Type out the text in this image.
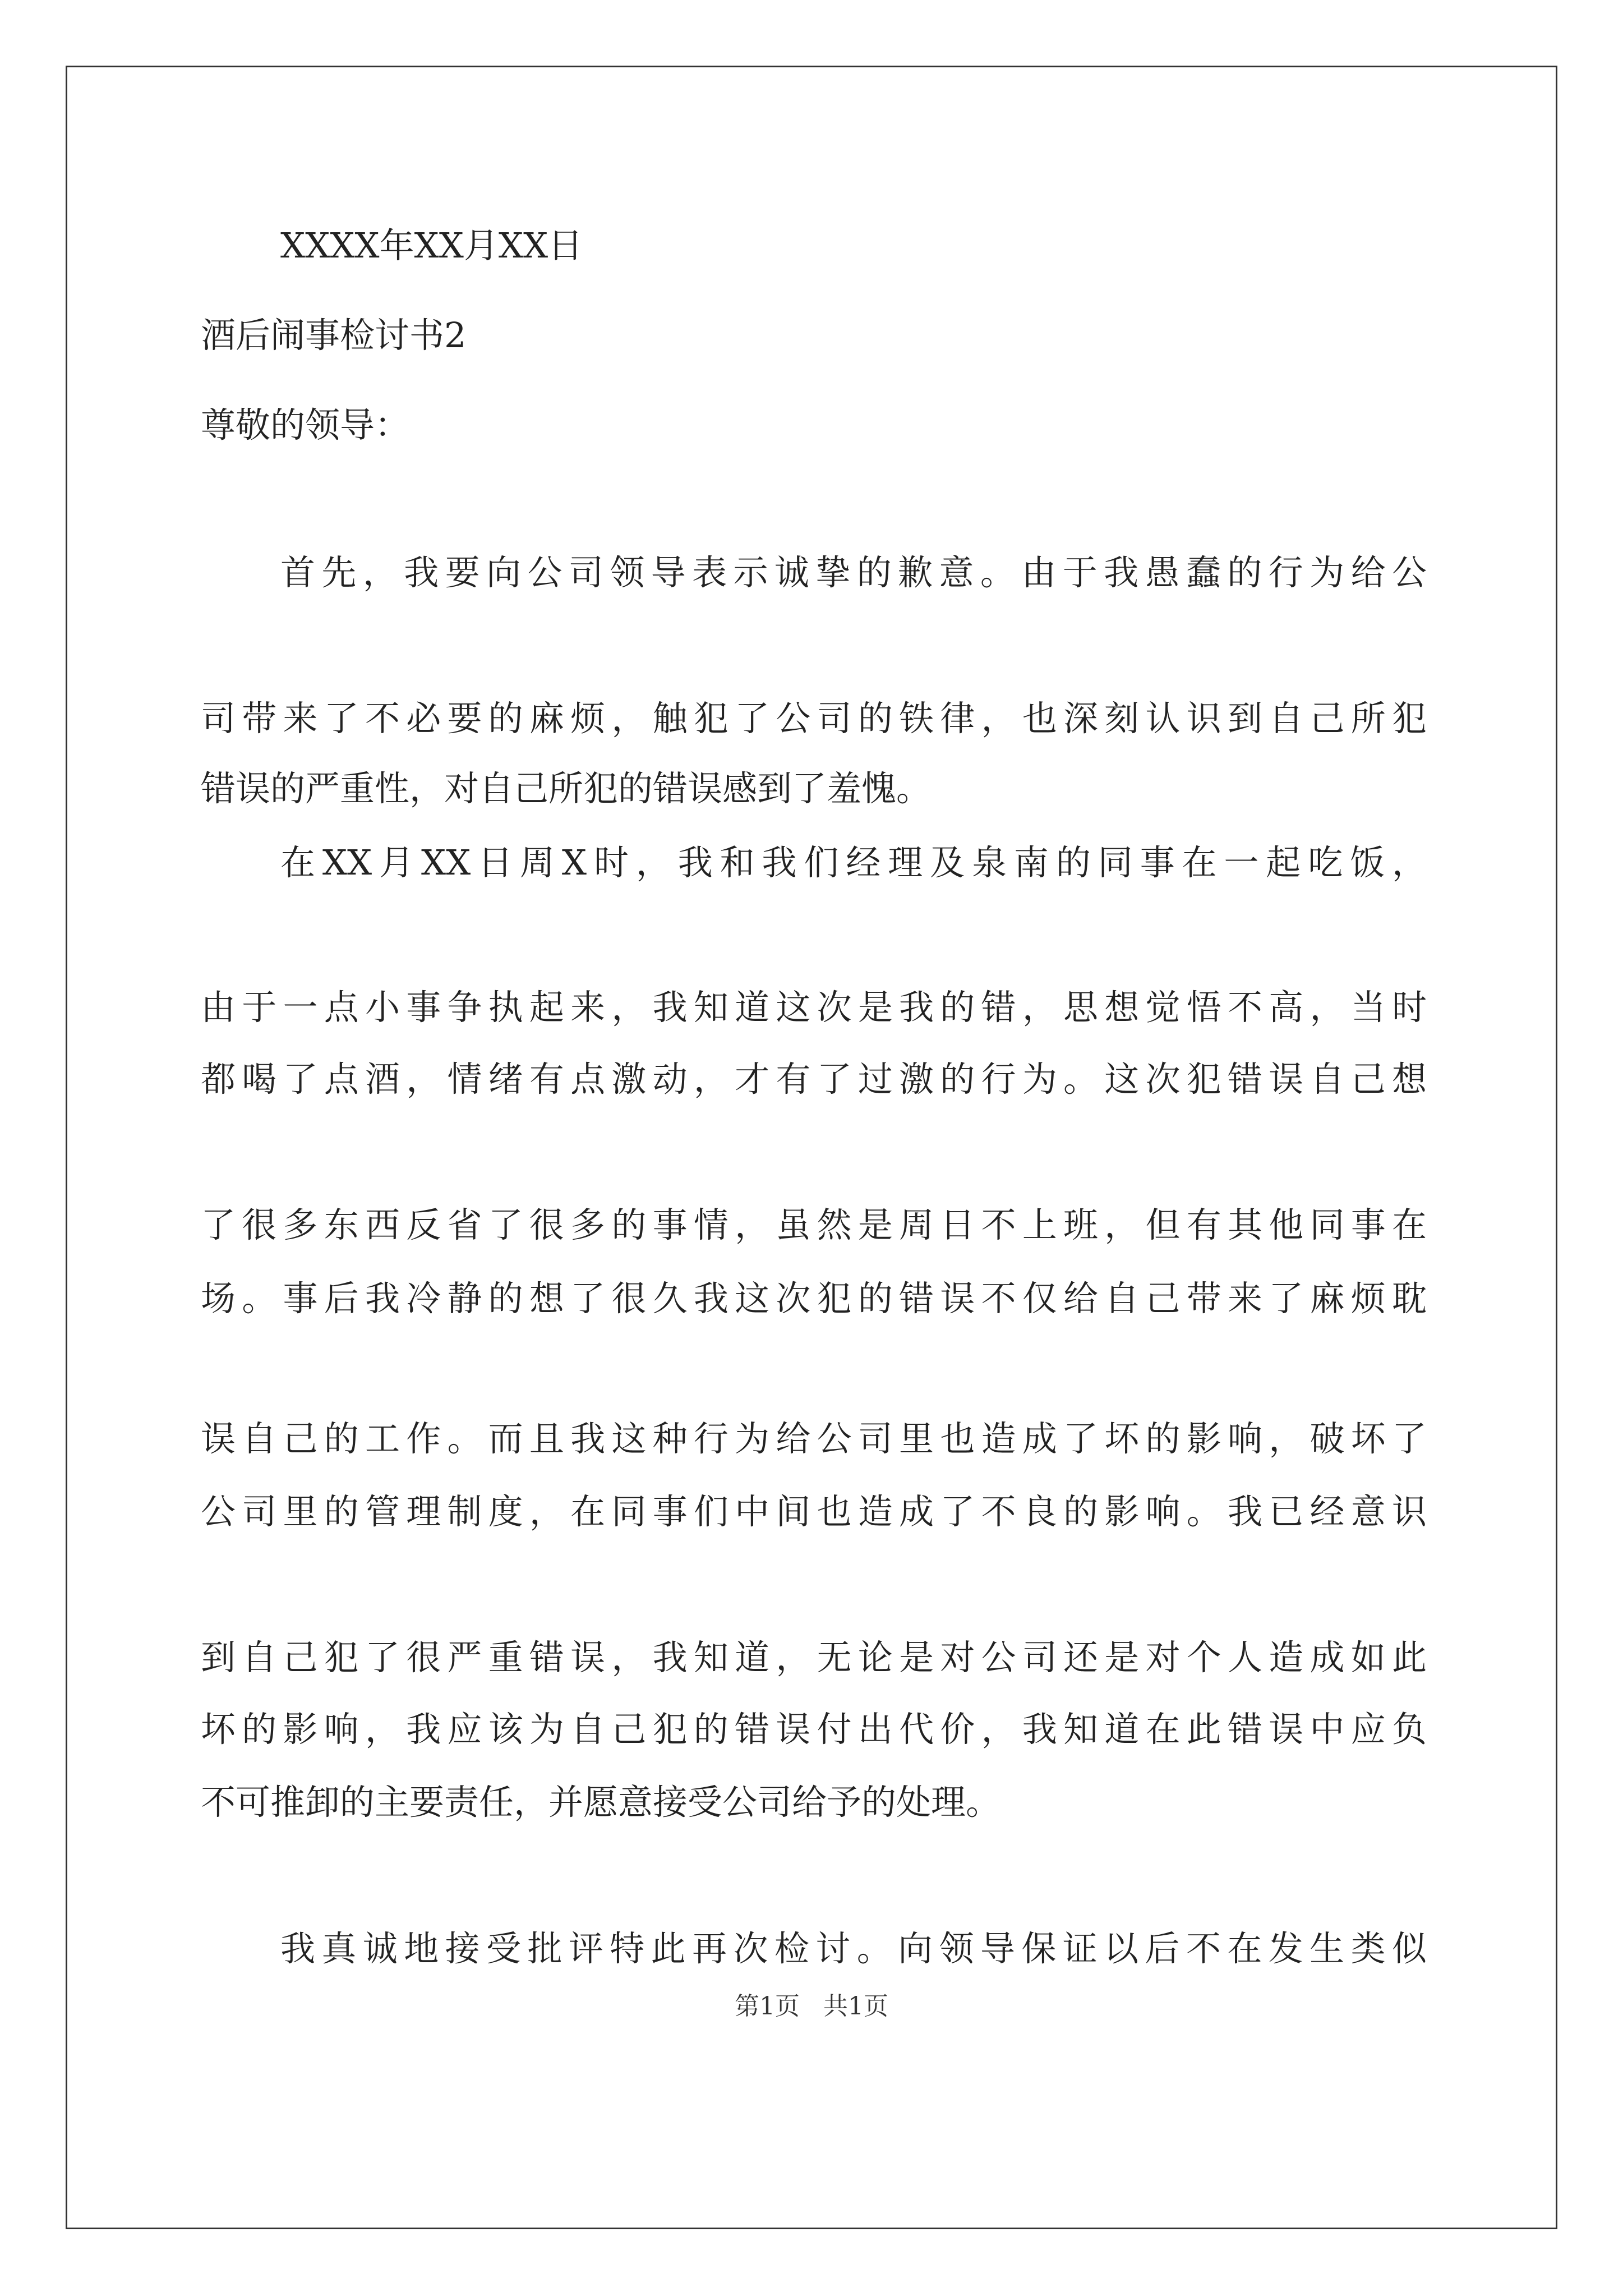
XXXX年XX月XX日
酒后闹事检讨书2
尊敬的领导：
首先，我要向公司领导表示诚挚的歉意。由于我愚蠢的行为给公
司带来了不必要的麻烦，触犯了公司的铁律，也深刻认识到自己所犯
错误的严重性，对自己所犯的错误感到了羞愧。
在XX月XX日周X时，我和我们经理及泉南的同事在一起吃饭，
由于一点小事争执起来，我知道这次是我的错，思想觉悟不高，当时
都喝了点酒，情绪有点激动，才有了过激的行为。这次犯错误自己想
了很多东西反省了很多的事情，虽然是周日不上班，但有其他同事在
场。事后我冷静的想了很久我这次犯的错误不仅给自己带来了麻烦耽
误自己的工作。而且我这种行为给公司里也造成了坏的影响，破坏了
公司里的管理制度，在同事们中间也造成了不良的影响。我已经意识
到自己犯了很严重错误，我知道，无论是对公司还是对个人造成如此
坏的影响，我应该为自己犯的错误付出代价，我知道在此错误中应负
不可推卸的主要责任，并愿意接受公司给予的处理。
我真诚地接受批评特此再次检讨。向领导保证以后不在发生类似
第1页   共1页
